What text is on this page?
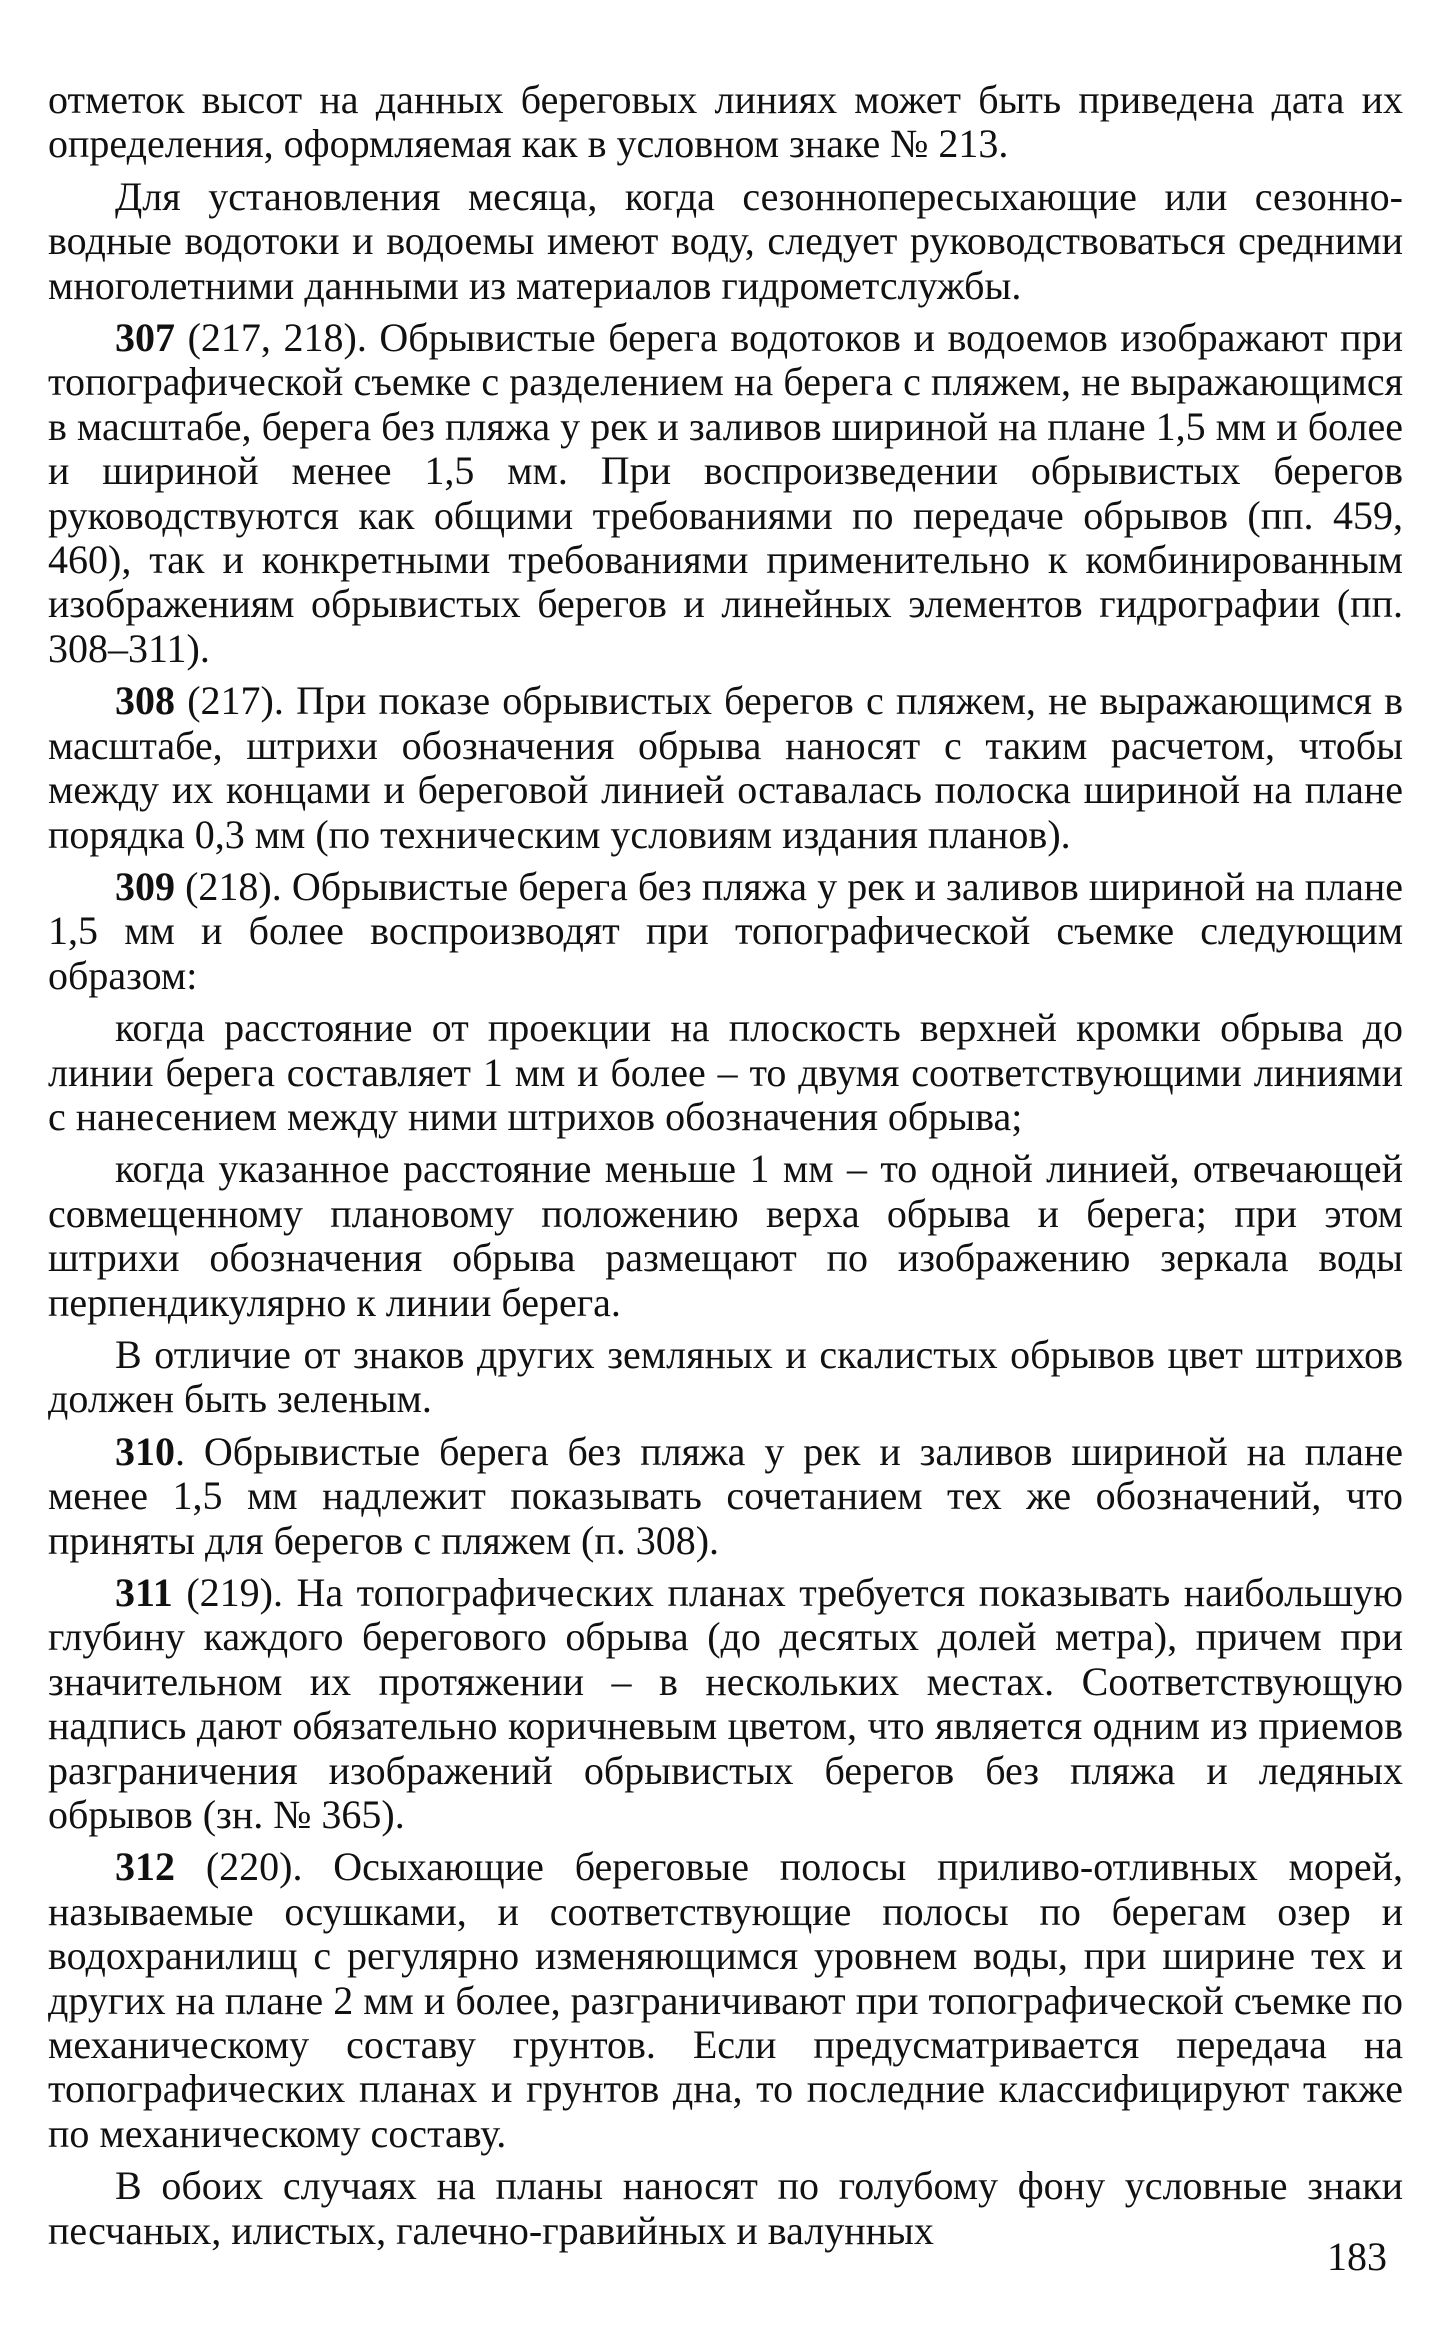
отметок высот на данных береговых линиях может быть приведена дата их определения, оформляемая как в условном знаке № 213.

Для установления месяца, когда сезоннопересыхающие или сезонно-водные водотоки и водоемы имеют воду, следует руководствоваться средними многолетними данными из материалов гидрометслужбы.

307 (217, 218). Обрывистые берега водотоков и водоемов изображают при топографической съемке с разделением на берега с пляжем, не выражающимся в масштабе, берега без пляжа у рек и заливов шириной на плане 1,5 мм и более и шириной менее 1,5 мм. При воспроизведении обрывистых берегов руководствуются как общими требованиями по передаче обрывов (пп. 459, 460), так и конкретными требованиями применительно к комбинированным изображениям обрывистых берегов и линейных элементов гидрографии (пп. 308–311).

308 (217). При показе обрывистых берегов с пляжем, не выражающимся в масштабе, штрихи обозначения обрыва наносят с таким расчетом, чтобы между их концами и береговой линией оставалась полоска шириной на плане порядка 0,3 мм (по техническим условиям издания планов).

309 (218). Обрывистые берега без пляжа у рек и заливов шириной на плане 1,5 мм и более воспроизводят при топографической съемке следующим образом:

когда расстояние от проекции на плоскость верхней кромки обрыва до линии берега составляет 1 мм и более – то двумя соответствующими линиями с нанесением между ними штрихов обозначения обрыва;

когда указанное расстояние меньше 1 мм – то одной линией, отвечающей совмещенному плановому положению верха обрыва и берега; при этом штрихи обозначения обрыва размещают по изображению зеркала воды перпендикулярно к линии берега.

В отличие от знаков других земляных и скалистых обрывов цвет штрихов должен быть зеленым.

310. Обрывистые берега без пляжа у рек и заливов шириной на плане менее 1,5 мм надлежит показывать сочетанием тех же обозначений, что приняты для берегов с пляжем (п. 308).

311 (219). На топографических планах требуется показывать наибольшую глубину каждого берегового обрыва (до десятых долей метра), причем при значительном их протяжении – в нескольких местах. Соответствующую надпись дают обязательно коричневым цветом, что является одним из приемов разграничения изображений обрывистых берегов без пляжа и ледяных обрывов (зн. № 365).

312 (220). Осыхающие береговые полосы приливо-отливных морей, называемые осушками, и соответствующие полосы по берегам озер и водохранилищ с регулярно изменяющимся уровнем воды, при ширине тех и других на плане 2 мм и более, разграничивают при топографической съемке по механическому составу грунтов. Если предусматривается передача на топографических планах и грунтов дна, то последние классифицируют также по механическому составу.

В обоих случаях на планы наносят по голубому фону условные знаки песчаных, илистых, галечно-гравийных и валунных

183
